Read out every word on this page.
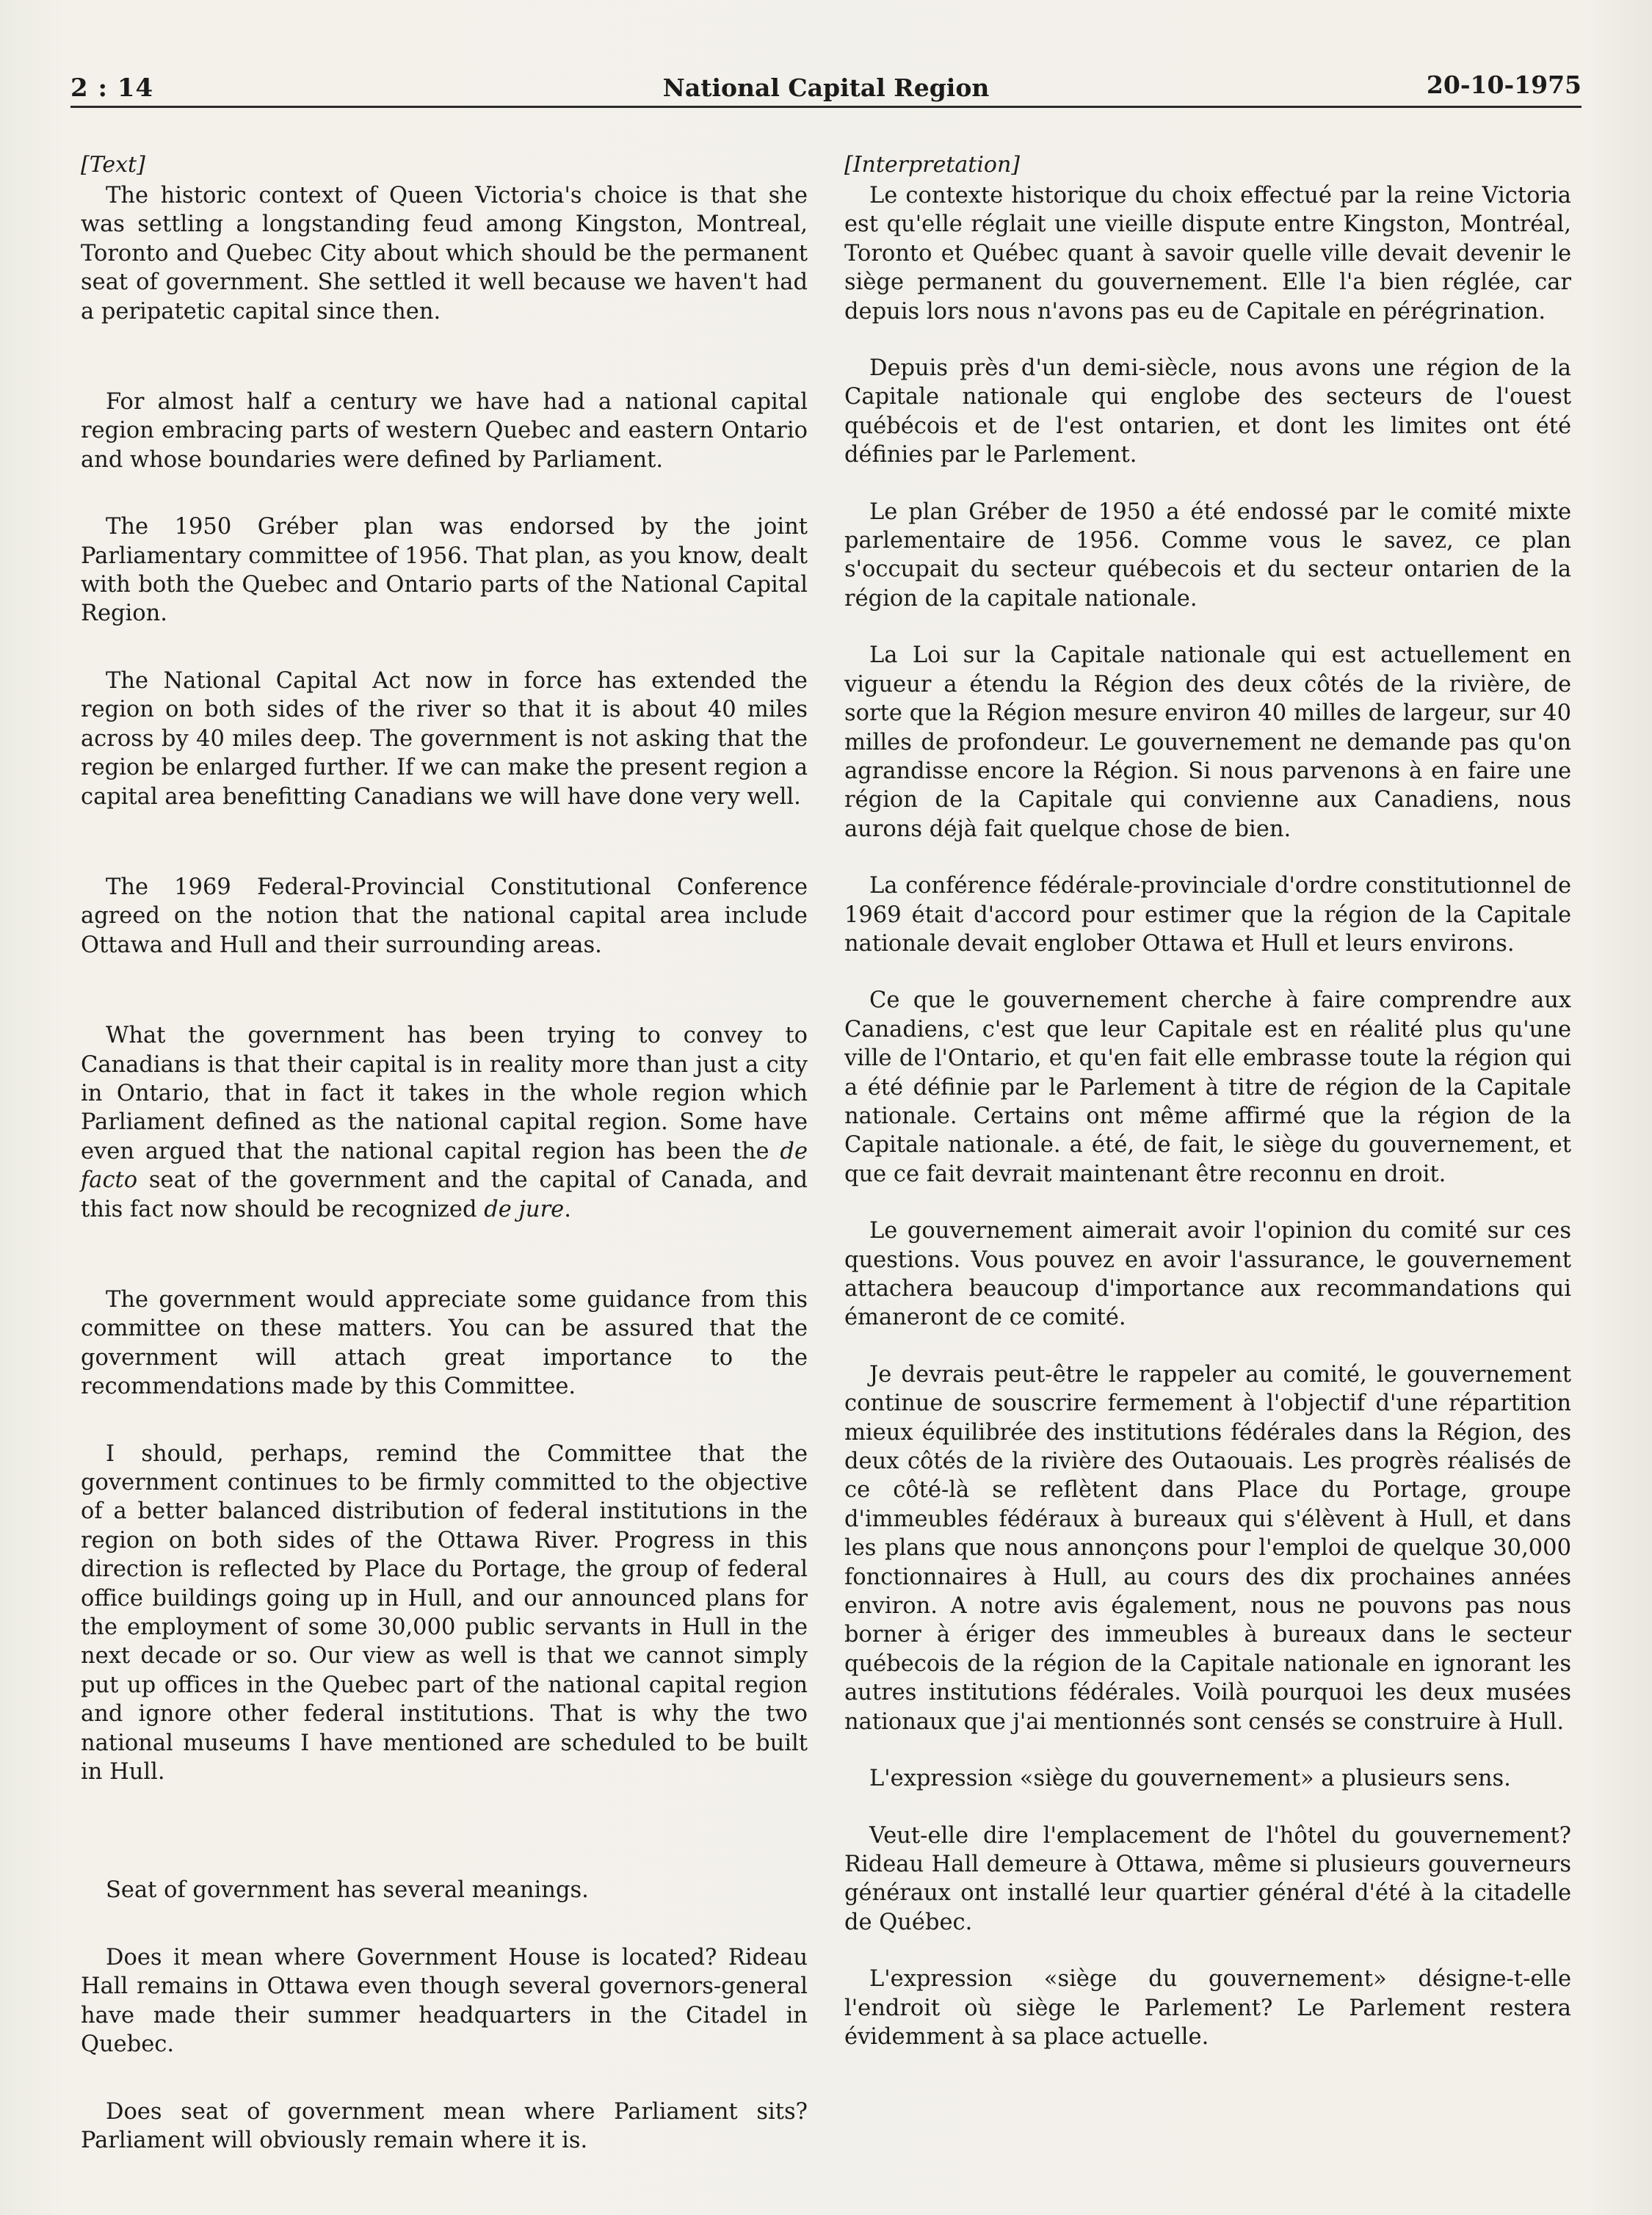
2 : 14	National Capital Region	20-10-1975
[Text]

The historic context of Queen Victoria's choice is that she was settling a longstanding feud among Kingston, Montreal, Toronto and Quebec City about which should be the permanent seat of government. She settled it well because we haven't had a peripatetic capital since then.

For almost half a century we have had a national capital region embracing parts of western Quebec and eastern Ontario and whose boundaries were defined by Parliament.

The 1950 Gréber plan was endorsed by the joint Parliamentary committee of 1956. That plan, as you know, dealt with both the Quebec and Ontario parts of the National Capital Region.

The National Capital Act now in force has extended the region on both sides of the river so that it is about 40 miles across by 40 miles deep. The government is not asking that the region be enlarged further. If we can make the present region a capital area benefitting Canadians we will have done very well.

The 1969 Federal-Provincial Constitutional Conference agreed on the notion that the national capital area include Ottawa and Hull and their surrounding areas.

What the government has been trying to convey to Canadians is that their capital is in reality more than just a city in Ontario, that in fact it takes in the whole region which Parliament defined as the national capital region. Some have even argued that the national capital region has been the de facto seat of the government and the capital of Canada, and this fact now should be recognized de jure.

The government would appreciate some guidance from this committee on these matters. You can be assured that the government will attach great importance to the recommendations made by this Committee.

I should, perhaps, remind the Committee that the government continues to be firmly committed to the objective of a better balanced distribution of federal institutions in the region on both sides of the Ottawa River. Progress in this direction is reflected by Place du Portage, the group of federal office buildings going up in Hull, and our announced plans for the employment of some 30,000 public servants in Hull in the next decade or so. Our view as well is that we cannot simply put up offices in the Quebec part of the national capital region and ignore other federal institutions. That is why the two national museums I have mentioned are scheduled to be built in Hull.

Seat of government has several meanings.

Does it mean where Government House is located? Rideau Hall remains in Ottawa even though several governors-general have made their summer headquarters in the Citadel in Quebec.

Does seat of government mean where Parliament sits? Parliament will obviously remain where it is.

[Interpretation]

Le contexte historique du choix effectué par la reine Victoria est qu'elle réglait une vieille dispute entre Kingston, Montréal, Toronto et Québec quant à savoir quelle ville devait devenir le siège permanent du gouvernement. Elle l'a bien réglée, car depuis lors nous n'avons pas eu de Capitale en pérégrination.

Depuis près d'un demi-siècle, nous avons une région de la Capitale nationale qui englobe des secteurs de l'ouest québécois et de l'est ontarien, et dont les limites ont été définies par le Parlement.

Le plan Gréber de 1950 a été endossé par le comité mixte parlementaire de 1956. Comme vous le savez, ce plan s'occupait du secteur québecois et du secteur ontarien de la région de la capitale nationale.

La Loi sur la Capitale nationale qui est actuellement en vigueur a étendu la Région des deux côtés de la rivière, de sorte que la Région mesure environ 40 milles de largeur, sur 40 milles de profondeur. Le gouvernement ne demande pas qu'on agrandisse encore la Région. Si nous parvenons à en faire une région de la Capitale qui convienne aux Canadiens, nous aurons déjà fait quelque chose de bien.

La conférence fédérale-provinciale d'ordre constitutionnel de 1969 était d'accord pour estimer que la région de la Capitale nationale devait englober Ottawa et Hull et leurs environs.

Ce que le gouvernement cherche à faire comprendre aux Canadiens, c'est que leur Capitale est en réalité plus qu'une ville de l'Ontario, et qu'en fait elle embrasse toute la région qui a été définie par le Parlement à titre de région de la Capitale nationale. Certains ont même affirmé que la région de la Capitale nationale. a été, de fait, le siège du gouvernement, et que ce fait devrait maintenant être reconnu en droit.

Le gouvernement aimerait avoir l'opinion du comité sur ces questions. Vous pouvez en avoir l'assurance, le gouvernement attachera beaucoup d'importance aux recommandations qui émaneront de ce comité.

Je devrais peut-être le rappeler au comité, le gouvernement continue de souscrire fermement à l'objectif d'une répartition mieux équilibrée des institutions fédérales dans la Région, des deux côtés de la rivière des Outaouais. Les progrès réalisés de ce côté-là se reflètent dans Place du Portage, groupe d'immeubles fédéraux à bureaux qui s'élèvent à Hull, et dans les plans que nous annonçons pour l'emploi de quelque 30,000 fonctionnaires à Hull, au cours des dix prochaines années environ. A notre avis également, nous ne pouvons pas nous borner à ériger des immeubles à bureaux dans le secteur québecois de la région de la Capitale nationale en ignorant les autres institutions fédérales. Voilà pourquoi les deux musées nationaux que j'ai mentionnés sont censés se construire à Hull.

L'expression «siège du gouvernement» a plusieurs sens.

Veut-elle dire l'emplacement de l'hôtel du gouvernement? Rideau Hall demeure à Ottawa, même si plusieurs gouverneurs généraux ont installé leur quartier général d'été à la citadelle de Québec.

L'expression «siège du gouvernement» désigne-t-elle l'endroit où siège le Parlement? Le Parlement restera évidemment à sa place actuelle.
